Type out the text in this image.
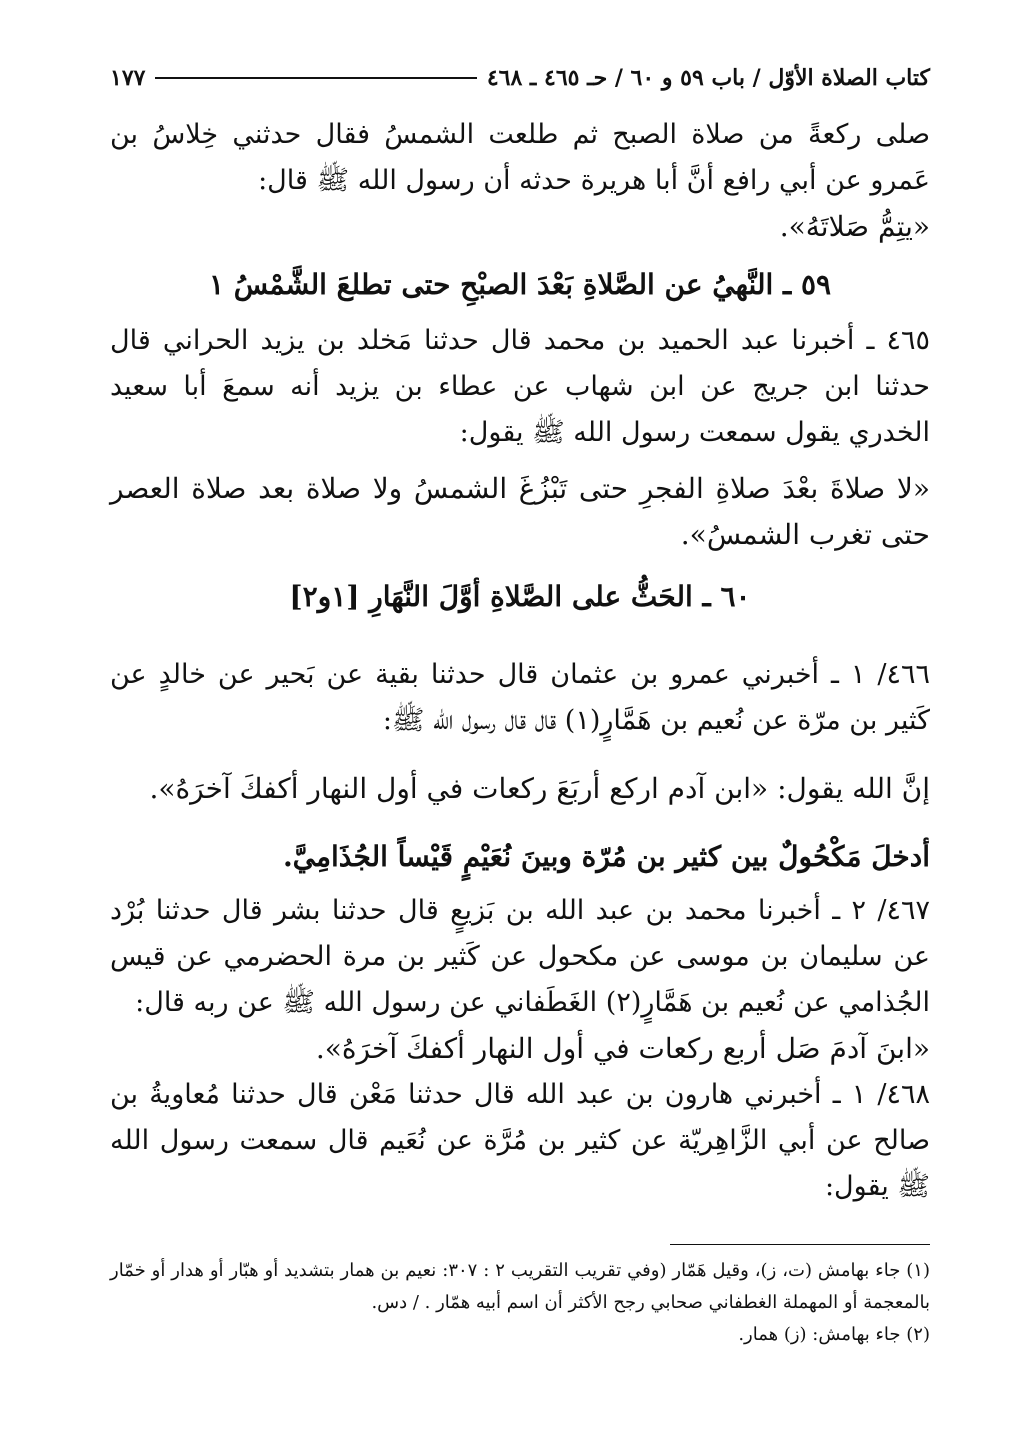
كتاب الصلاة الأوّل / باب ٥٩ و ٦٠ / حـ ٤٦٥ ـ ٤٦٨
١٧٧

صلى ركعةً من صلاة الصبح ثم طلعت الشمسُ فقال حدثني خِلاسُ بن عَمرو عن أبي رافع أنَّ أبا هريرة حدثه أن رسول الله ﷺ قال:

«يتِمُّ صَلاتَهُ».

٥٩ ـ النَّهيُ عن الصَّلاةِ بَعْدَ الصبْحِ حتى تطلعَ الشَّمْسُ ١

٤٦٥ ـ أخبرنا عبد الحميد بن محمد قال حدثنا مَخلد بن يزيد الحراني قال حدثنا ابن جريج عن ابن شهاب عن عطاء بن يزيد أنه سمعَ أبا سعيد الخدري يقول سمعت رسول الله ﷺ يقول:

«لا صلاةَ بعْدَ صلاةِ الفجرِ حتى تَبْزُغَ الشمسُ ولا صلاة بعد صلاة العصر حتى تغرب الشمسُ».

٦٠ ـ الحَثُّ على الصَّلاةِ أوَّلَ النَّهَارِ [١و٢]

٤٦٦/ ١ ـ أخبرني عمرو بن عثمان قال حدثنا بقية عن بَحير عن خالدٍ عن كَثير بن مرّة عن نُعيم بن هَمَّارٍ(١) قال قال رسول الله ﷺ:

إنَّ الله يقول: «ابن آدم اركع أربَعَ ركعات في أول النهار أكفكَ آخرَهُ».

أدخلَ مَكْحُولٌ بين كثير بن مُرّة وبينَ نُعَيْمٍ قَيْساً الجُذَامِيَّ.

٤٦٧/ ٢ ـ أخبرنا محمد بن عبد الله بن بَزيعٍ قال حدثنا بشر قال حدثنا بُرْد عن سليمان بن موسى عن مكحول عن كَثير بن مرة الحضرمي عن قيس الجُذامي عن نُعيم بن هَمَّارٍ(٢) الغَطَفاني عن رسول الله ﷺ عن ربه قال:

«ابنَ آدمَ صَل أربع ركعات في أول النهار أكفكَ آخرَهُ».

٤٦٨/ ١ ـ أخبرني هارون بن عبد الله قال حدثنا مَعْن قال حدثنا مُعاويةُ بن صالح عن أبي الزَّاهِريّة عن كثير بن مُرَّة عن نُعَيم قال سمعت رسول الله ﷺ يقول:

(١) جاء بهامش (ت، ز)، وقيل هَمّار (وفي تقريب التقريب ٢ : ٣٠٧: نعيم بن همار بتشديد أو هبّار أو هدار أو خمّار بالمعجمة أو المهملة الغطفاني صحابي رجح الأكثر أن اسم أبيه همّار . / دس.

(٢) جاء بهامش: (ز) همار.
